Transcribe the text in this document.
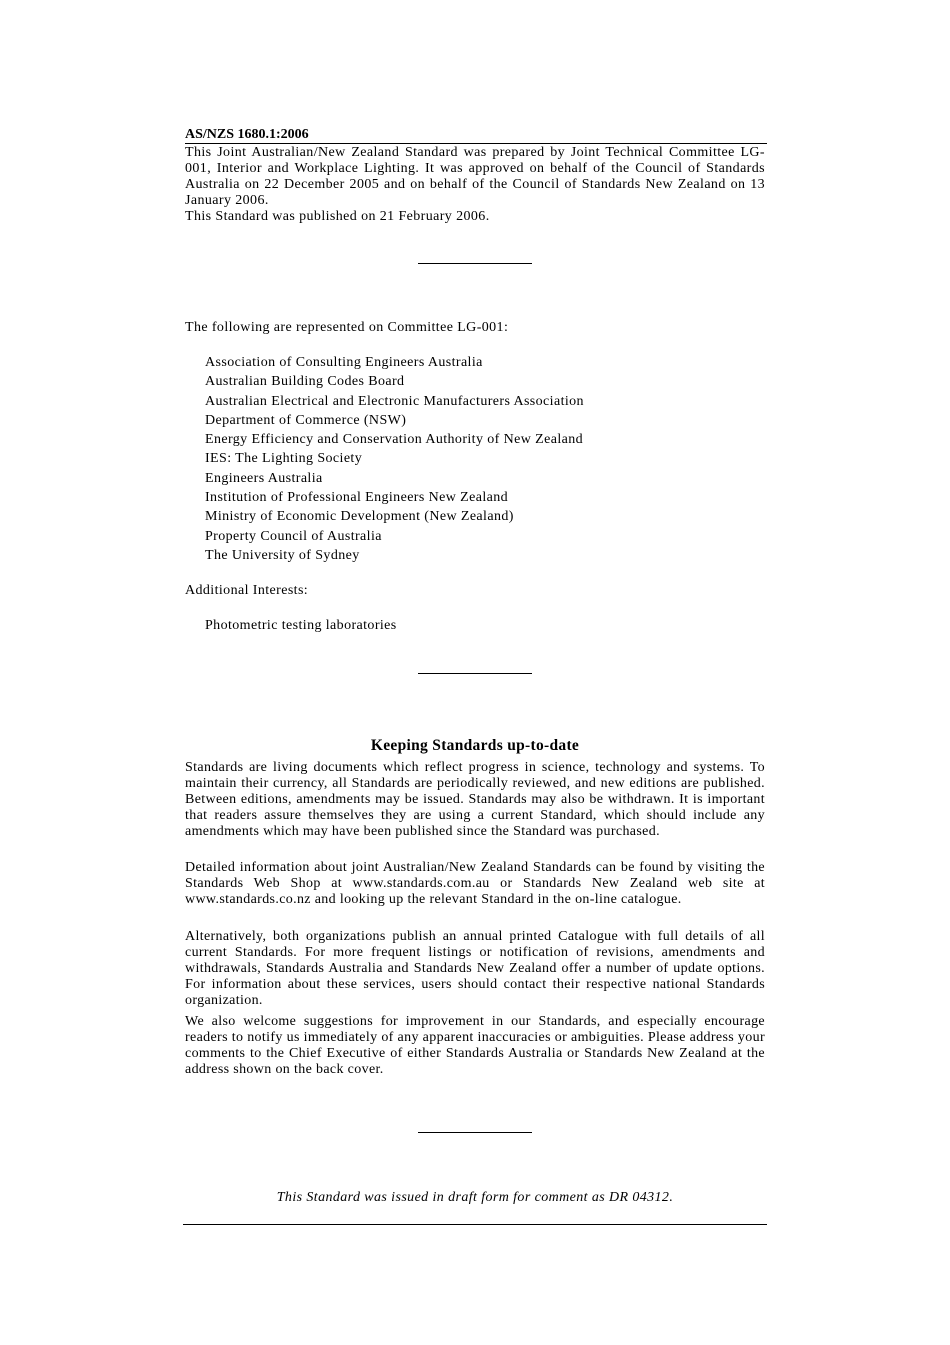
AS/NZS 1680.1:2006
This Joint Australian/New Zealand Standard was prepared by Joint Technical Committee LG-001, Interior and Workplace Lighting. It was approved on behalf of the Council of Standards Australia on 22 December 2005 and on behalf of the Council of Standards New Zealand on 13 January 2006.
This Standard was published on 21 February 2006.
The following are represented on Committee LG-001:
Association of Consulting Engineers Australia
Australian Building Codes Board
Australian Electrical and Electronic Manufacturers Association
Department of Commerce (NSW)
Energy Efficiency and Conservation Authority of New Zealand
IES: The Lighting Society
Engineers Australia
Institution of Professional Engineers New Zealand
Ministry of Economic Development (New Zealand)
Property Council of Australia
The University of Sydney
Additional Interests:
Photometric testing laboratories
Keeping Standards up-to-date
Standards are living documents which reflect progress in science, technology and systems. To maintain their currency, all Standards are periodically reviewed, and new editions are published. Between editions, amendments may be issued. Standards may also be withdrawn. It is important that readers assure themselves they are using a current Standard, which should include any amendments which may have been published since the Standard was purchased.
Detailed information about joint Australian/New Zealand Standards can be found by visiting the Standards Web Shop at www.standards.com.au or Standards New Zealand web site at www.standards.co.nz and looking up the relevant Standard in the on-line catalogue.
Alternatively, both organizations publish an annual printed Catalogue with full details of all current Standards. For more frequent listings or notification of revisions, amendments and withdrawals, Standards Australia and Standards New Zealand offer a number of update options. For information about these services, users should contact their respective national Standards organization.
We also welcome suggestions for improvement in our Standards, and especially encourage readers to notify us immediately of any apparent inaccuracies or ambiguities. Please address your comments to the Chief Executive of either Standards Australia or Standards New Zealand at the address shown on the back cover.
This Standard was issued in draft form for comment as DR 04312.
